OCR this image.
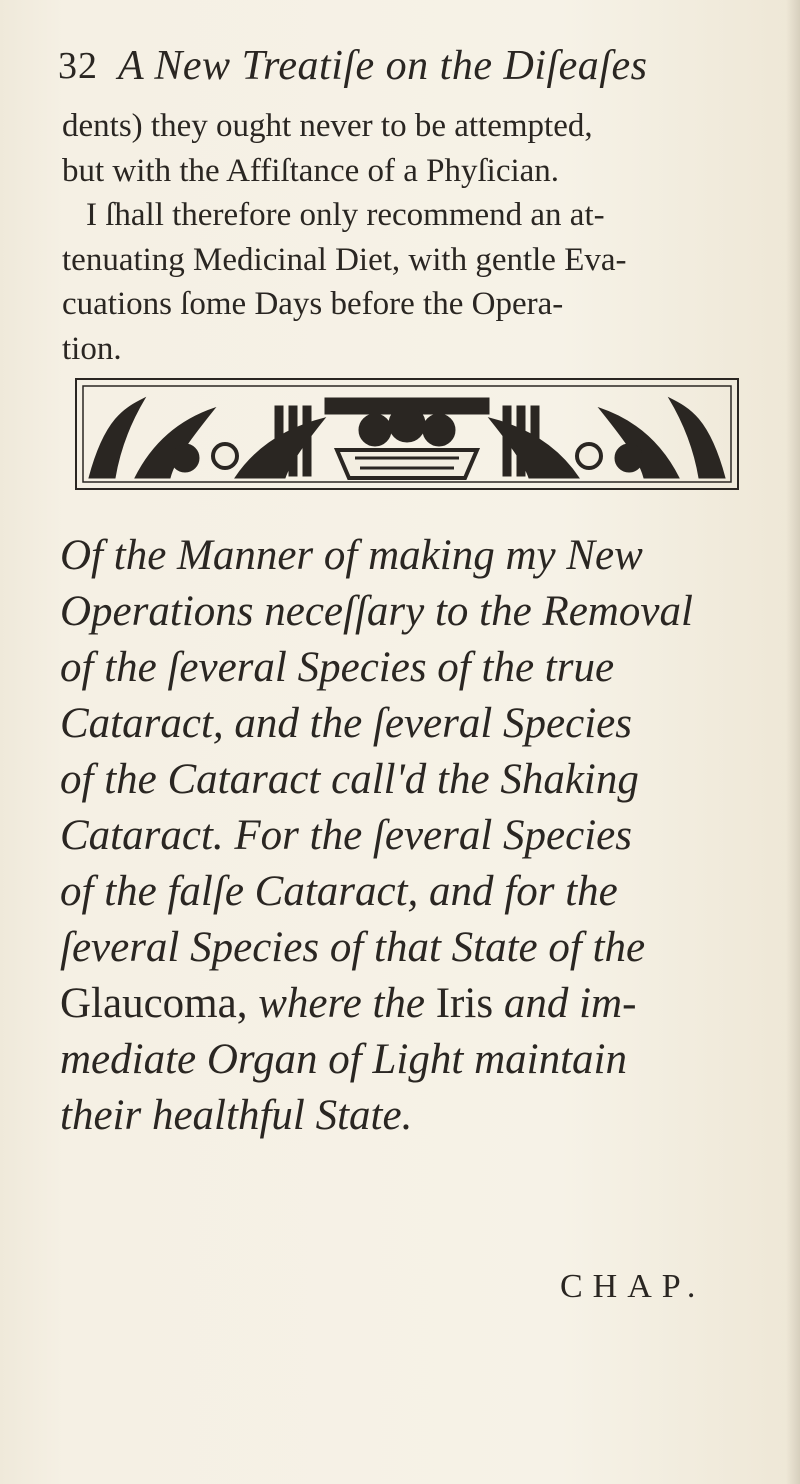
32 A New Treatiſe on the Diſeaſes
dents) they ought never to be attempted,
but with the Affiſtance of a Phyſician.
I ſhall therefore only recommend an at-
tenuating Medicinal Diet, with gentle Eva-
cuations ſome Days before the Opera-
tion.
Of the Manner of making my New
Operations neceſſary to the Removal
of the ſeveral Species of the true
Cataract, and the ſeveral Species
of the Cataract call'd the Shaking
Cataract. For the ſeveral Species
of the falſe Cataract, and for the
ſeveral Species of that State of the
Glaucoma, where the Iris and im-
mediate Organ of Light maintain
their healthful State.
CHAP.
